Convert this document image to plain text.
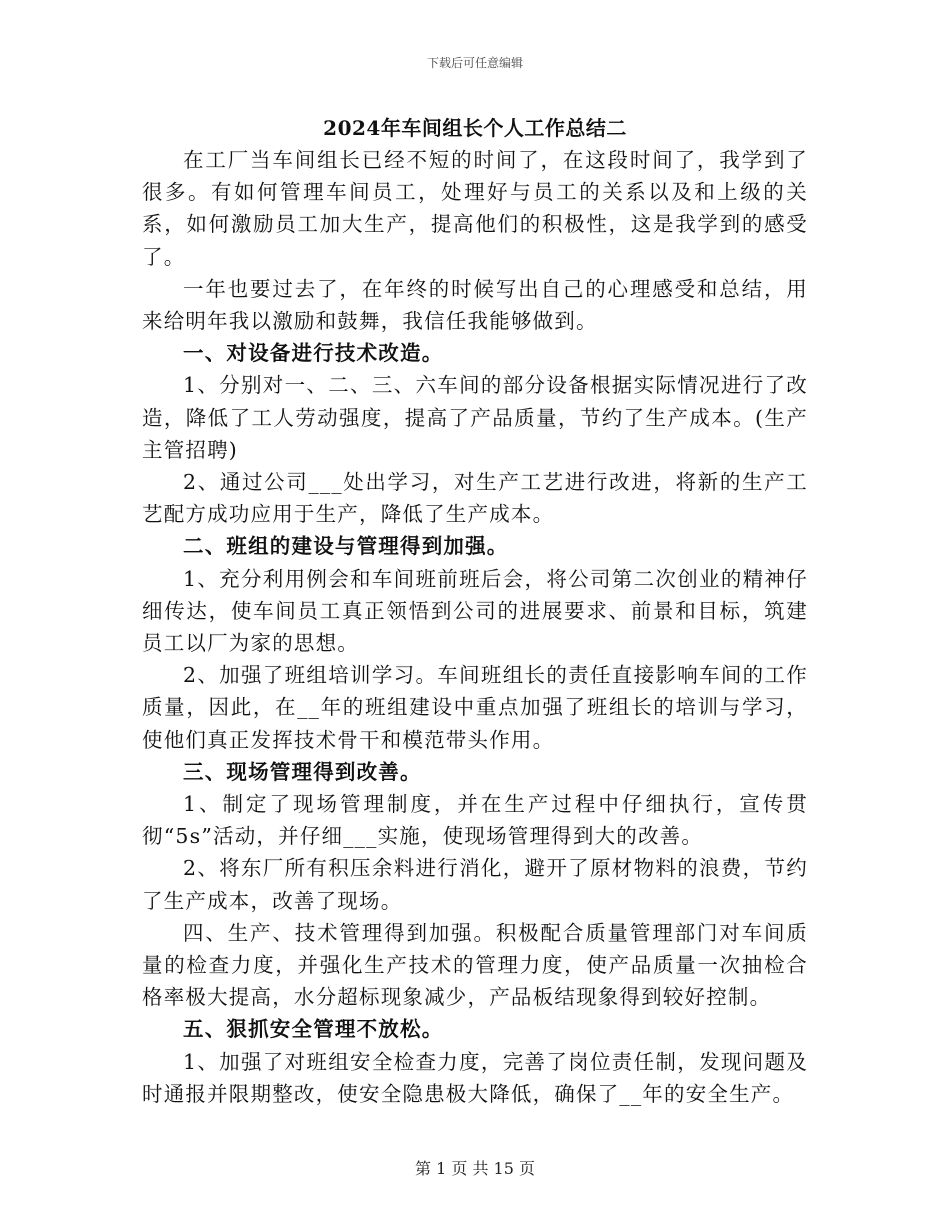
下载后可任意编辑
2024年车间组长个人工作总结二

在工厂当车间组长已经不短的时间了，在这段时间了，我学到了很多。有如何管理车间员工，处理好与员工的关系以及和上级的关系，如何激励员工加大生产，提高他们的积极性，这是我学到的感受了。

一年也要过去了，在年终的时候写出自己的心理感受和总结，用来给明年我以激励和鼓舞，我信任我能够做到。

一、对设备进行技术改造。

1、分别对一、二、三、六车间的部分设备根据实际情况进行了改造，降低了工人劳动强度，提高了产品质量，节约了生产成本。(生产主管招聘)

2、通过公司___处出学习，对生产工艺进行改进，将新的生产工艺配方成功应用于生产，降低了生产成本。

二、班组的建设与管理得到加强。

1、充分利用例会和车间班前班后会，将公司第二次创业的精神仔细传达，使车间员工真正领悟到公司的进展要求、前景和目标，筑建员工以厂为家的思想。

2、加强了班组培训学习。车间班组长的责任直接影响车间的工作质量，因此，在__年的班组建设中重点加强了班组长的培训与学习，使他们真正发挥技术骨干和模范带头作用。

三、现场管理得到改善。

1、制定了现场管理制度，并在生产过程中仔细执行，宣传贯彻“5s”活动，并仔细___实施，使现场管理得到大的改善。

2、将东厂所有积压余料进行消化，避开了原材物料的浪费，节约了生产成本，改善了现场。

四、生产、技术管理得到加强。积极配合质量管理部门对车间质量的检查力度，并强化生产技术的管理力度，使产品质量一次抽检合格率极大提高，水分超标现象减少，产品板结现象得到较好控制。

五、狠抓安全管理不放松。

1、加强了对班组安全检查力度，完善了岗位责任制，发现问题及时通报并限期整改，使安全隐患极大降低，确保了__年的安全生产。

第 1 页 共 15 页
